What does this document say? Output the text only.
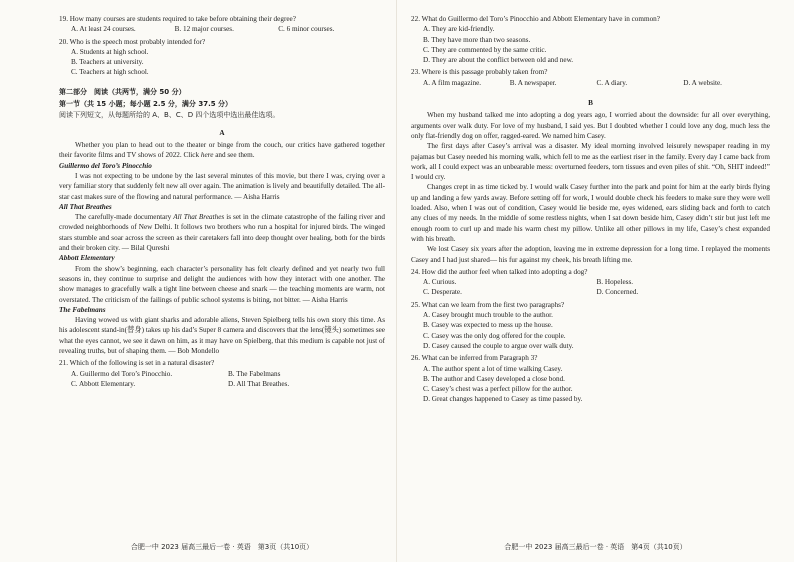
19. How many courses are students required to take before obtaining their degree?

A. At least 24 courses.	B. 12 major courses.	C. 6 minor courses.

20. Who is the speech most probably intended for?

A. Students at high school.

B. Teachers at university.

C. Teachers at high school.

第二部分　阅读（共两节，满分 50 分）

第一节（共 15 小题；每小题 2.5 分，满分 37.5 分）

阅读下列短文，从每题所给的 A、B、C、D 四个选项中选出最佳选项。

A

Whether you plan to head out to the theater or binge from the couch, our critics have gathered together their favorite films and TV shows of 2022. Click here and see them.

Guillermo del Toro’s Pinocchio

I was not expecting to be undone by the last several minutes of this movie, but there I was, crying over a very familiar story that suddenly felt new all over again. The animation is lively and beautifully detailed. The all-star cast makes sure of the flowing and natural performance. — Aisha Harris

All That Breathes

The carefully-made documentary All That Breathes is set in the climate catastrophe of the failing river and crowded neighborhoods of New Delhi. It follows two brothers who run a hospital for injured birds. The winged stars stumble and soar across the screen as their caretakers fall into deep thought over healing, both for the birds and their broken city. — Bilal Qureshi

Abbott Elementary

From the show’s beginning, each character’s personality has felt clearly defined and yet nearly two full seasons in, they continue to surprise and delight the audiences with how they interact with one another. The show manages to gracefully walk a tight line between cheese and snark — the teaching moments are warm, not overstated. The criticism of the failings of public school systems is biting, not bitter. — Aisha Harris

The Fabelmans

Having wowed us with giant sharks and adorable aliens, Steven Spielberg tells his own story this time. As his adolescent stand-in(替身) takes up his dad’s Super 8 camera and discovers that the lens(镜头) sometimes see what the eyes cannot, we see it dawn on him, as it may have on Spielberg, that this medium is capable not just of revealing truths, but of shaping them. — Bob Mondello

21. Which of the following is set in a natural disaster?

A. Guillermo del Toro’s Pinocchio.	B. The Fabelmans
C. Abbott Elementary.	D. All That Breathes.
合肥一中 2023 届高三最后一卷 · 英语　第3页（共10页）

22. What do Guillermo del Toro’s Pinocchio and Abbott Elementary have in common?

A. They are kid-friendly.

B. They have more than two seasons.

C. They are commented by the same critic.

D. They are about the conflict between old and new.

23. Where is this passage probably taken from?

A. A film magazine.	B. A newspaper.	C. A diary.	D. A website.

B

When my husband talked me into adopting a dog years ago, I worried about the downside: fur all over everything, arguments over walk duty. For love of my husband, I said yes. But I doubted whether I could love any dog, much less the only flat-friendly dog on offer, ragged-eared. We named him Casey.

The first days after Casey’s arrival was a disaster. My ideal morning involved leisurely newspaper reading in my pajamas but Casey needed his morning walk, which fell to me as the earliest riser in the family. Every day I came back from work, all I could expect was an unbearable mess: overturned feeders, torn tissues and even piles of shit. “Oh, SHIT indeed!” I would cry.

Changes crept in as time ticked by. I would walk Casey further into the park and point for him at the early birds flying up and landing a few yards away. Before setting off for work, I would double check his feeders to make sure they were well loaded. Also, when I was out of condition, Casey would lie beside me, eyes widened, ears sliding back and forth to catch any clues of my needs. In the middle of some restless nights, when I sat down beside him, Casey didn’t stir but just left me enough room to curl up and made his warm chest my pillow. Unlike all other pillows in my life, Casey’s chest expanded with his breath.

We lost Casey six years after the adoption, leaving me in extreme depression for a long time. I replayed the moments Casey and I had just shared— his fur against my cheek, his breath lifting me.

24. How did the author feel when talked into adopting a dog?

A. Curious.	B. Hopeless.
C. Desperate.	D. Concerned.

25. What can we learn from the first two paragraphs?

A. Casey brought much trouble to the author.

B. Casey was expected to mess up the house.

C. Casey was the only dog offered for the couple.

D. Casey caused the couple to argue over walk duty.

26. What can be inferred from Paragraph 3?

A. The author spent a lot of time walking Casey.

B. The author and Casey developed a close bond.

C. Casey’s chest was a perfect pillow for the author.

D. Great changes happened to Casey as time passed by.

合肥一中 2023 届高三最后一卷 · 英语　第4页（共10页）
